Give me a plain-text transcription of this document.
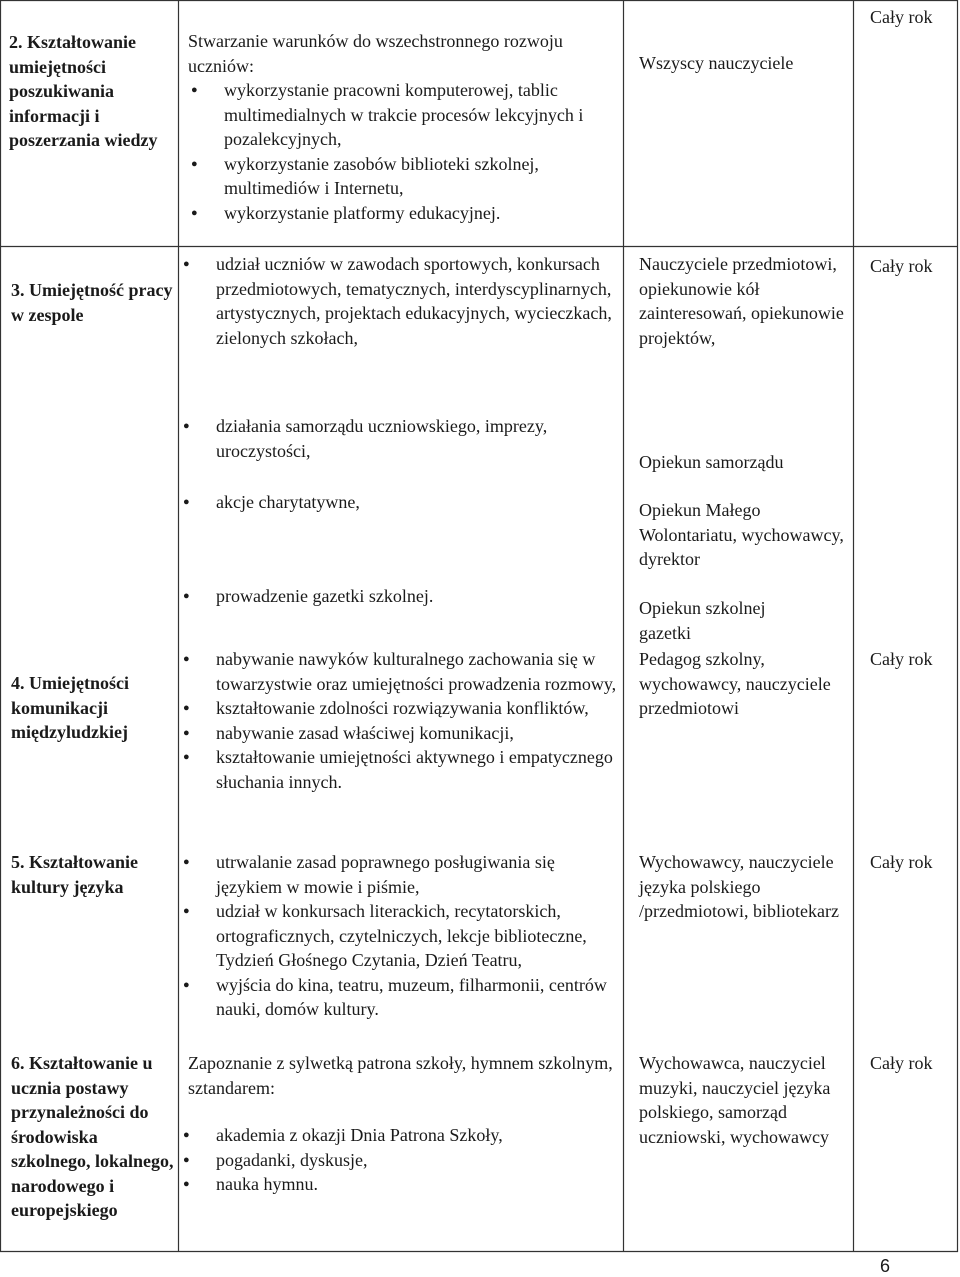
2. Kształtowanie umiejętności poszukiwania informacji i poszerzania wiedzy
Stwarzanie warunków do wszechstronnego rozwoju uczniów:
● wykorzystanie pracowni komputerowej, tablic multimedialnych w trakcie procesów lekcyjnych i pozalekcyjnych,
● wykorzystanie zasobów biblioteki szkolnej, multimediów i Internetu,
● wykorzystanie platformy edukacyjnej.
Wszyscy nauczyciele
Cały rok
3. Umiejętność pracy w zespole
● udział uczniów w zawodach sportowych, konkursach przedmiotowych, tematycznych, interdyscyplinarnych, artystycznych, projektach edukacyjnych, wycieczkach, zielonych szkołach,
● działania samorządu uczniowskiego, imprezy, uroczystości,
● akcje charytatywne,
● prowadzenie gazetki szkolnej.
Nauczyciele przedmiotowi, opiekunowie kół zainteresowań, opiekunowie projektów,
Opiekun samorządu
Opiekun Małego Wolontariatu, wychowawcy, dyrektor
Opiekun szkolnej gazetki
Cały rok
4. Umiejętności komunikacji międzyludzkiej
● nabywanie nawyków kulturalnego zachowania się w towarzystwie oraz umiejętności prowadzenia rozmowy,
● kształtowanie zdolności rozwiązywania konfliktów,
● nabywanie zasad właściwej komunikacji,
● kształtowanie umiejętności aktywnego i empatycznego słuchania innych.
Pedagog szkolny, wychowawcy, nauczyciele przedmiotowi
Cały rok
5. Kształtowanie kultury języka
● utrwalanie zasad poprawnego posługiwania się językiem w mowie i piśmie,
● udział w konkursach literackich, recytatorskich, ortograficznych, czytelniczych, lekcje biblioteczne, Tydzień Głośnego Czytania, Dzień Teatru,
● wyjścia do kina, teatru, muzeum, filharmonii, centrów nauki, domów kultury.
Wychowawcy, nauczyciele języka polskiego /przedmiotowi, bibliotekarz
Cały rok
6. Kształtowanie u ucznia postawy przynależności do środowiska szkolnego, lokalnego, narodowego i europejskiego
Zapoznanie z sylwetką patrona szkoły, hymnem szkolnym, sztandarem:
● akademia z okazji Dnia Patrona Szkoły,
● pogadanki, dyskusje,
● nauka hymnu.
Wychowawca, nauczyciel muzyki, nauczyciel języka polskiego, samorząd uczniowski, wychowawcy
Cały rok
6
